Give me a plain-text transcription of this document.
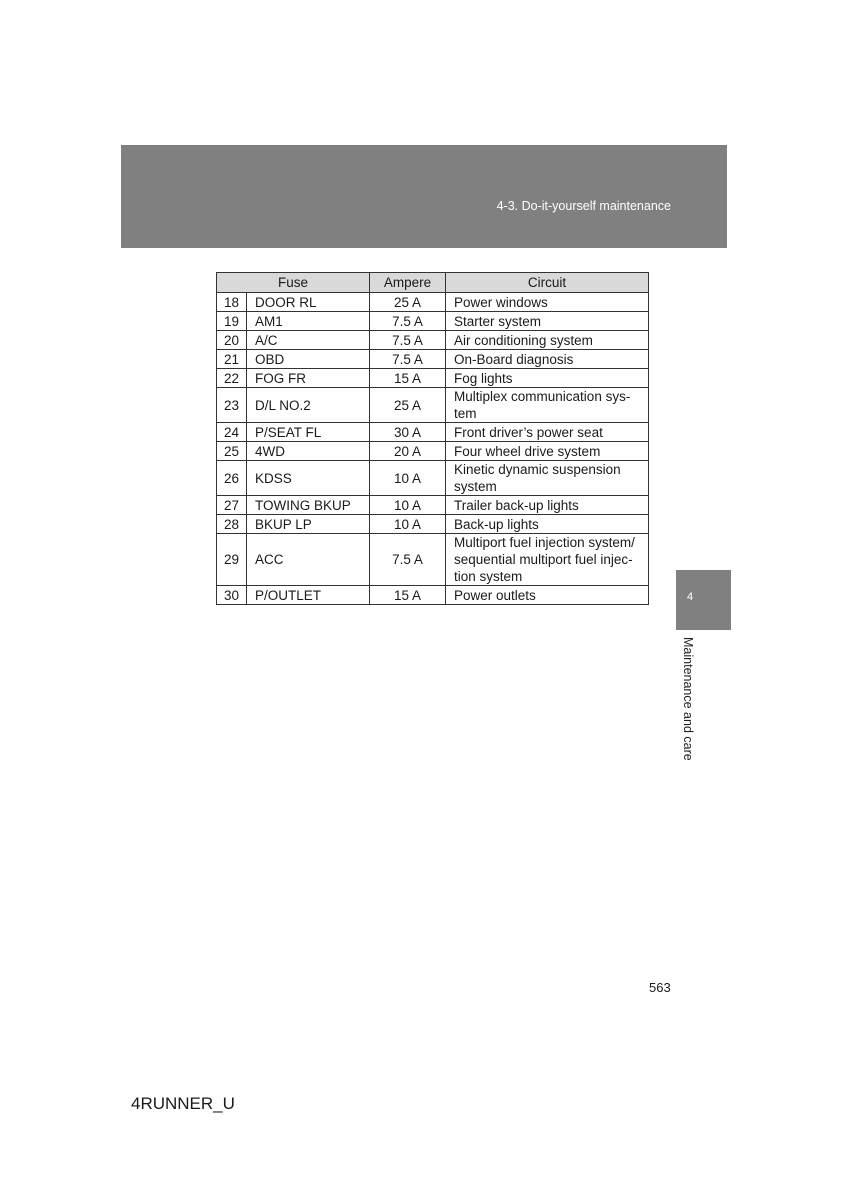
4-3. Do-it-yourself maintenance
Fuse		Ampere	Circuit
18	DOOR RL	25 A	Power windows
19	AM1	7.5 A	Starter system
20	A/C	7.5 A	Air conditioning system
21	OBD	7.5 A	On-Board diagnosis
22	FOG FR	15 A	Fog lights
23	D/L NO.2	25 A	Multiplex communication sys-
tem
24	P/SEAT FL	30 A	Front driver’s power seat
25	4WD	20 A	Four wheel drive system
26	KDSS	10 A	Kinetic dynamic suspension
system
27	TOWING BKUP	10 A	Trailer back-up lights
28	BKUP LP	10 A	Back-up lights
29	ACC	7.5 A	Multiport fuel injection system/
sequential multiport fuel injec-
tion system
30	P/OUTLET	15 A	Power outlets	4
Maintenance and care
563
4RUNNER_U
